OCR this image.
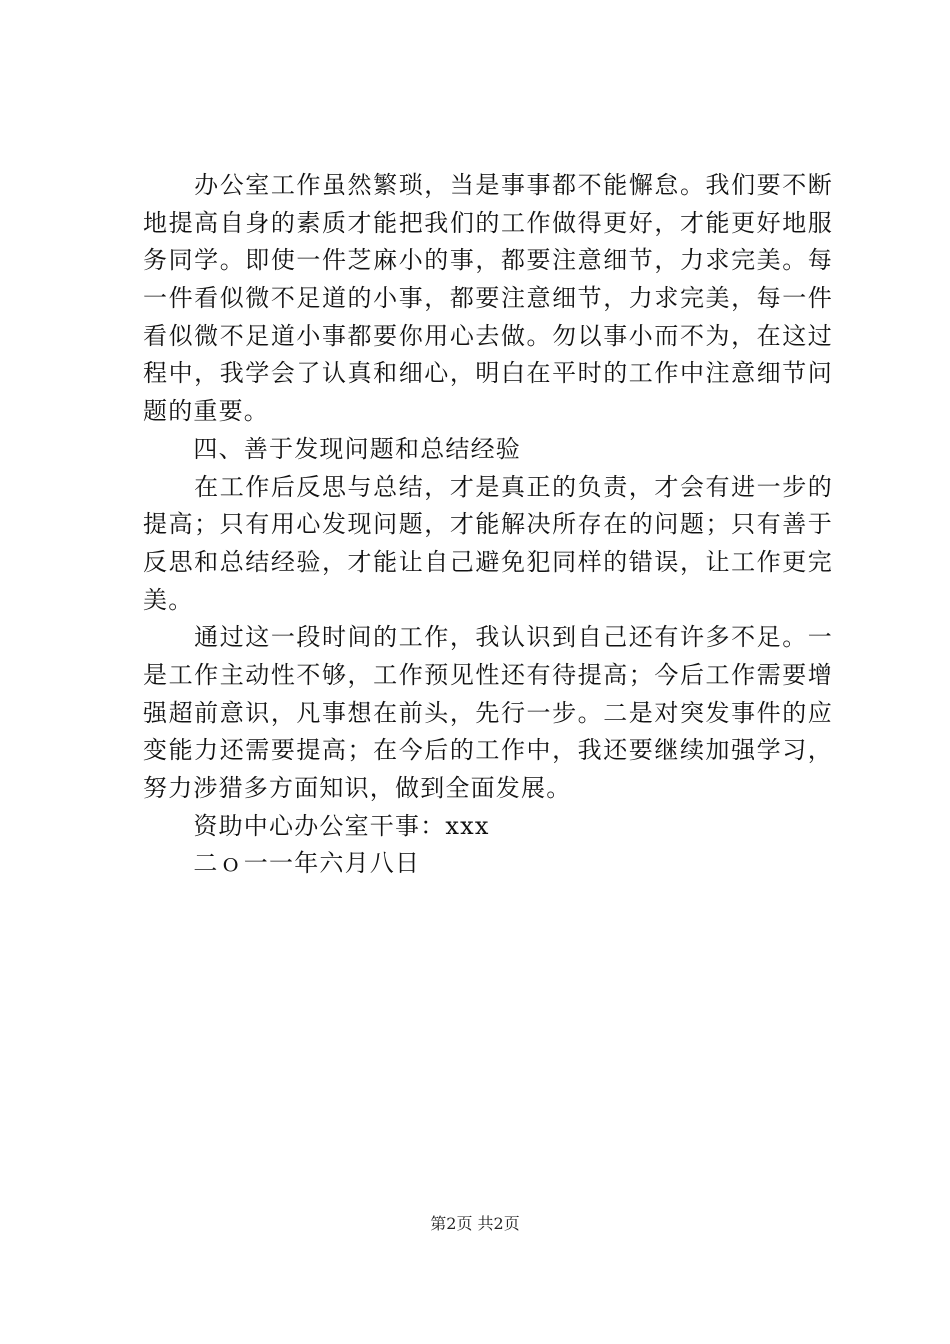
　　办公室工作虽然繁琐，当是事事都不能懈怠。我们要不断
地提高自身的素质才能把我们的工作做得更好，才能更好地服
务同学。即使一件芝麻小的事，都要注意细节，力求完美。每
一件看似微不足道的小事，都要注意细节，力求完美，每一件
看似微不足道小事都要你用心去做。勿以事小而不为，在这过
程中，我学会了认真和细心，明白在平时的工作中注意细节问
题的重要。
　　四、善于发现问题和总结经验
　　在工作后反思与总结，才是真正的负责，才会有进一步的
提高；只有用心发现问题，才能解决所存在的问题；只有善于
反思和总结经验，才能让自己避免犯同样的错误，让工作更完
美。
　　通过这一段时间的工作，我认识到自己还有许多不足。一
是工作主动性不够，工作预见性还有待提高；今后工作需要增
强超前意识，凡事想在前头，先行一步。二是对突发事件的应
变能力还需要提高；在今后的工作中，我还要继续加强学习，
努力涉猎多方面知识，做到全面发展。
　　资助中心办公室干事：xxx
　　二ｏ一一年六月八日
第2页 共2页
